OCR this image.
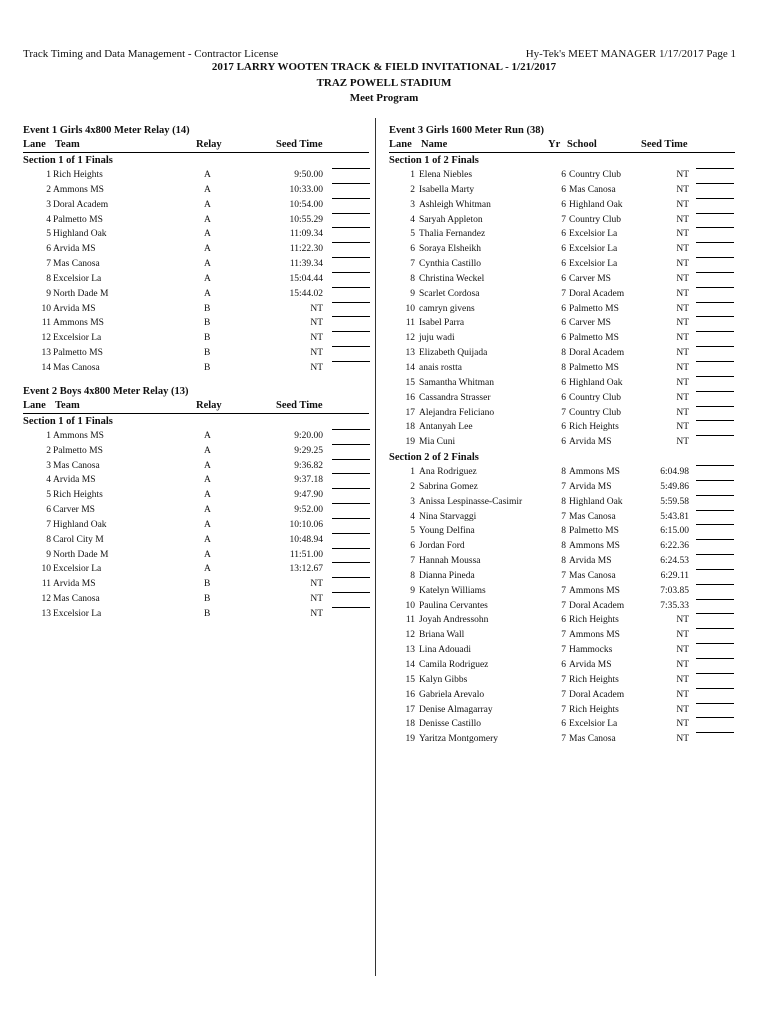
Track Timing and Data Management - Contractor License	Hy-Tek's MEET MANAGER 1/17/2017 Page 1
2017 LARRY WOOTEN TRACK & FIELD INVITATIONAL - 1/21/2017
TRAZ POWELL STADIUM
Meet Program
Event 1 Girls 4x800 Meter Relay (14)
Lane Team	Relay	Seed Time
Section 1 of 1 Finals
1 Rich Heights	A	9:50.00
2 Ammons MS	A	10:33.00
3 Doral Academ	A	10:54.00
4 Palmetto MS	A	10:55.29
5 Highland Oak	A	11:09.34
6 Arvida MS	A	11:22.30
7 Mas Canosa	A	11:39.34
8 Excelsior La	A	15:04.44
9 North Dade M	A	15:44.02
10 Arvida MS	B	NT
11 Ammons MS	B	NT
12 Excelsior La	B	NT
13 Palmetto MS	B	NT
14 Mas Canosa	B	NT
Event 2 Boys 4x800 Meter Relay (13)
Lane Team	Relay	Seed Time
Section 1 of 1 Finals
1 Ammons MS	A	9:20.00
2 Palmetto MS	A	9:29.25
3 Mas Canosa	A	9:36.82
4 Arvida MS	A	9:37.18
5 Rich Heights	A	9:47.90
6 Carver MS	A	9:52.00
7 Highland Oak	A	10:10.06
8 Carol City M	A	10:48.94
9 North Dade M	A	11:51.00
10 Excelsior La	A	13:12.67
11 Arvida MS	B	NT
12 Mas Canosa	B	NT
13 Excelsior La	B	NT
Event 3 Girls 1600 Meter Run (38)
Lane Name	Yr School	Seed Time
Section 1 of 2 Finals
1 Elena Niebles	6 Country Club	NT
2 Isabella Marty	6 Mas Canosa	NT
3 Ashleigh Whitman	6 Highland Oak	NT
4 Saryah Appleton	7 Country Club	NT
5 Thalia Fernandez	6 Excelsior La	NT
6 Soraya Elsheikh	6 Excelsior La	NT
7 Cynthia Castillo	6 Excelsior La	NT
8 Christina Weckel	6 Carver MS	NT
9 Scarlet Cordosa	7 Doral Academ	NT
10 camryn givens	6 Palmetto MS	NT
11 Isabel Parra	6 Carver MS	NT
12 juju wadi	6 Palmetto MS	NT
13 Elizabeth Quijada	8 Doral Academ	NT
14 anais rostta	8 Palmetto MS	NT
15 Samantha Whitman	6 Highland Oak	NT
16 Cassandra Strasser	6 Country Club	NT
17 Alejandra Feliciano	7 Country Club	NT
18 Antanyah Lee	6 Rich Heights	NT
19 Mia Cuni	6 Arvida MS	NT
Section 2 of 2 Finals
1 Ana Rodriguez	8 Ammons MS	6:04.98
2 Sabrina Gomez	7 Arvida MS	5:49.86
3 Anissa Lespinasse-Casimir	8 Highland Oak	5:59.58
4 Nina Starvaggi	7 Mas Canosa	5:43.81
5 Young Delfina	8 Palmetto MS	6:15.00
6 Jordan Ford	8 Ammons MS	6:22.36
7 Hannah Moussa	8 Arvida MS	6:24.53
8 Dianna Pineda	7 Mas Canosa	6:29.11
9 Katelyn Williams	7 Ammons MS	7:03.85
10 Paulina Cervantes	7 Doral Academ	7:35.33
11 Joyah Andressohn	6 Rich Heights	NT
12 Briana Wall	7 Ammons MS	NT
13 Lina Adouadi	7 Hammocks	NT
14 Camila Rodriguez	6 Arvida MS	NT
15 Kalyn Gibbs	7 Rich Heights	NT
16 Gabriela Arevalo	7 Doral Academ	NT
17 Denise Almagarray	7 Rich Heights	NT
18 Denisse Castillo	6 Excelsior La	NT
19 Yaritza Montgomery	7 Mas Canosa	NT
